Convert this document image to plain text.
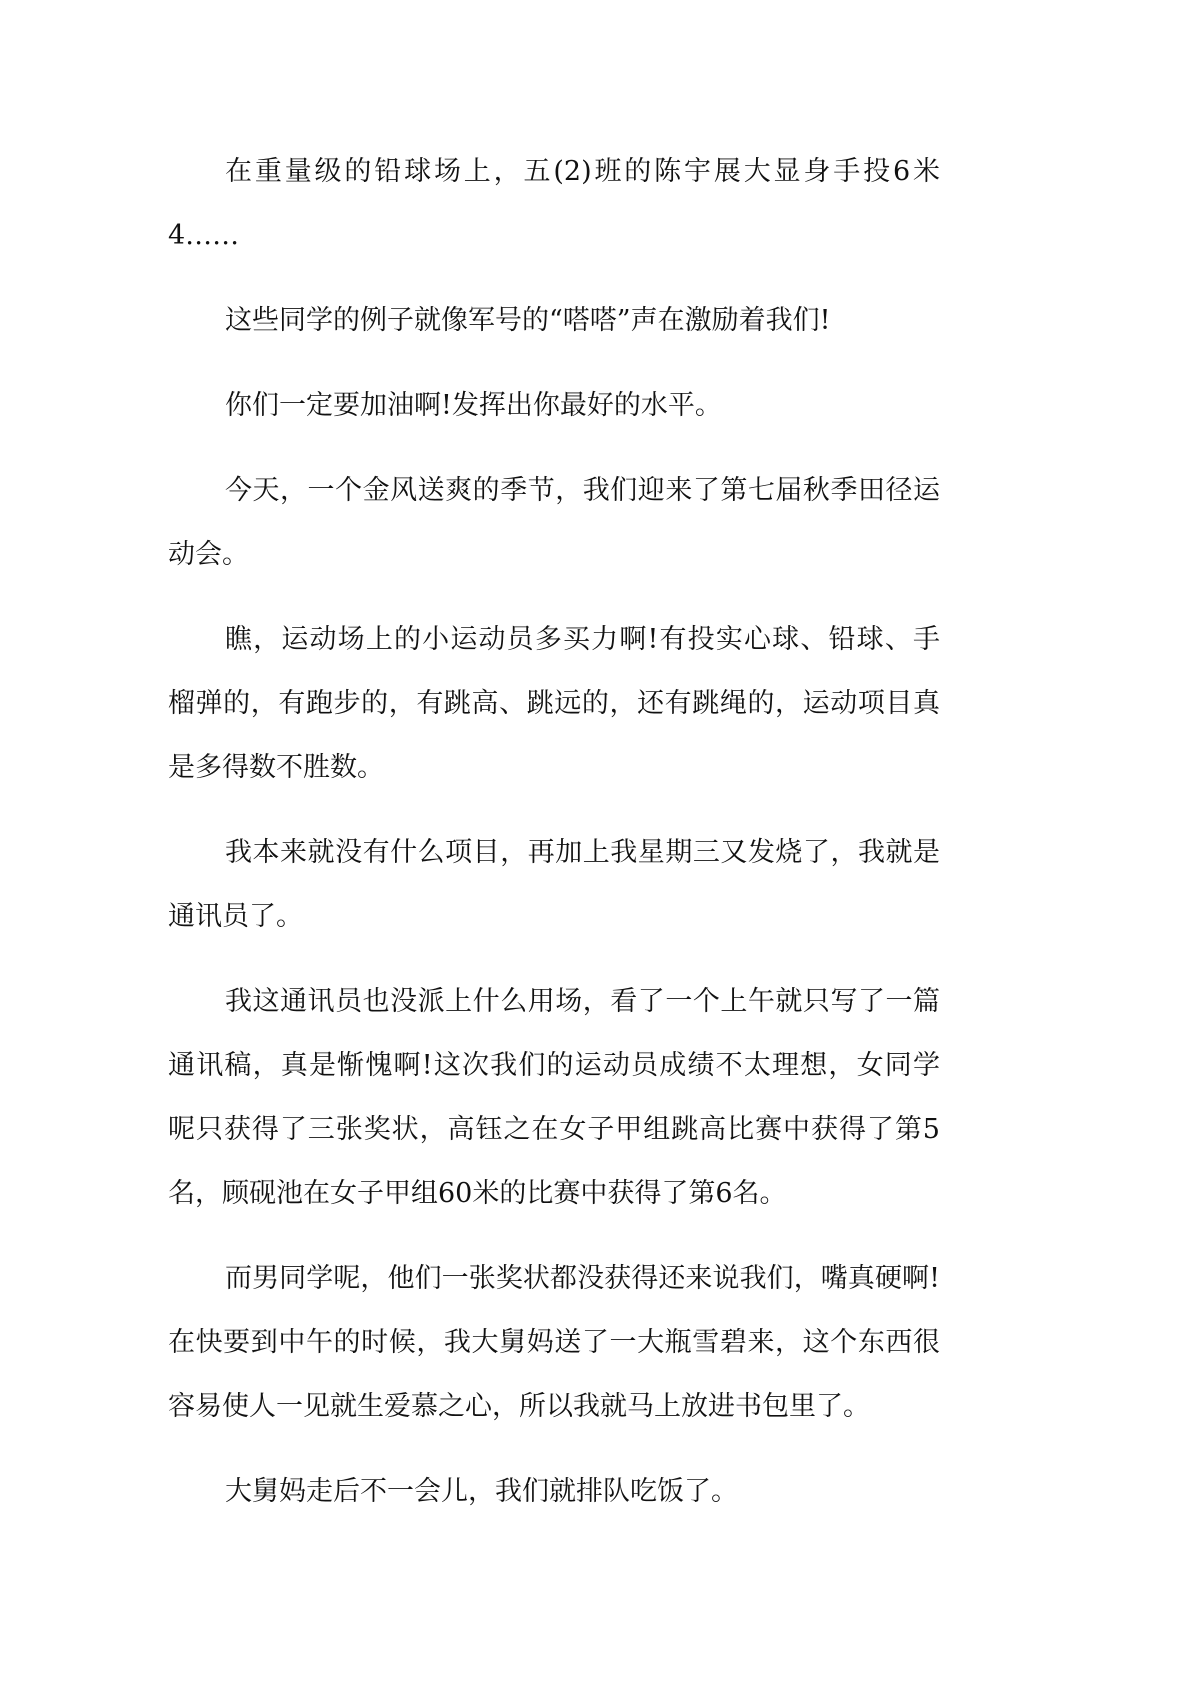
在重量级的铅球场上，五(2)班的陈宇展大显身手投6米
4……
这些同学的例子就像军号的“嗒嗒”声在激励着我们!
你们一定要加油啊!发挥出你最好的水平。
今天，一个金风送爽的季节，我们迎来了第七届秋季田径运
动会。
瞧，运动场上的小运动员多买力啊!有投实心球、铅球、手
榴弹的，有跑步的，有跳高、跳远的，还有跳绳的，运动项目真
是多得数不胜数。
我本来就没有什么项目，再加上我星期三又发烧了，我就是
通讯员了。
我这通讯员也没派上什么用场，看了一个上午就只写了一篇
通讯稿，真是惭愧啊!这次我们的运动员成绩不太理想，女同学
呢只获得了三张奖状，高钰之在女子甲组跳高比赛中获得了第5
名，顾砚池在女子甲组60米的比赛中获得了第6名。
而男同学呢，他们一张奖状都没获得还来说我们，嘴真硬啊!
在快要到中午的时候，我大舅妈送了一大瓶雪碧来，这个东西很
容易使人一见就生爱慕之心，所以我就马上放进书包里了。
大舅妈走后不一会儿，我们就排队吃饭了。
